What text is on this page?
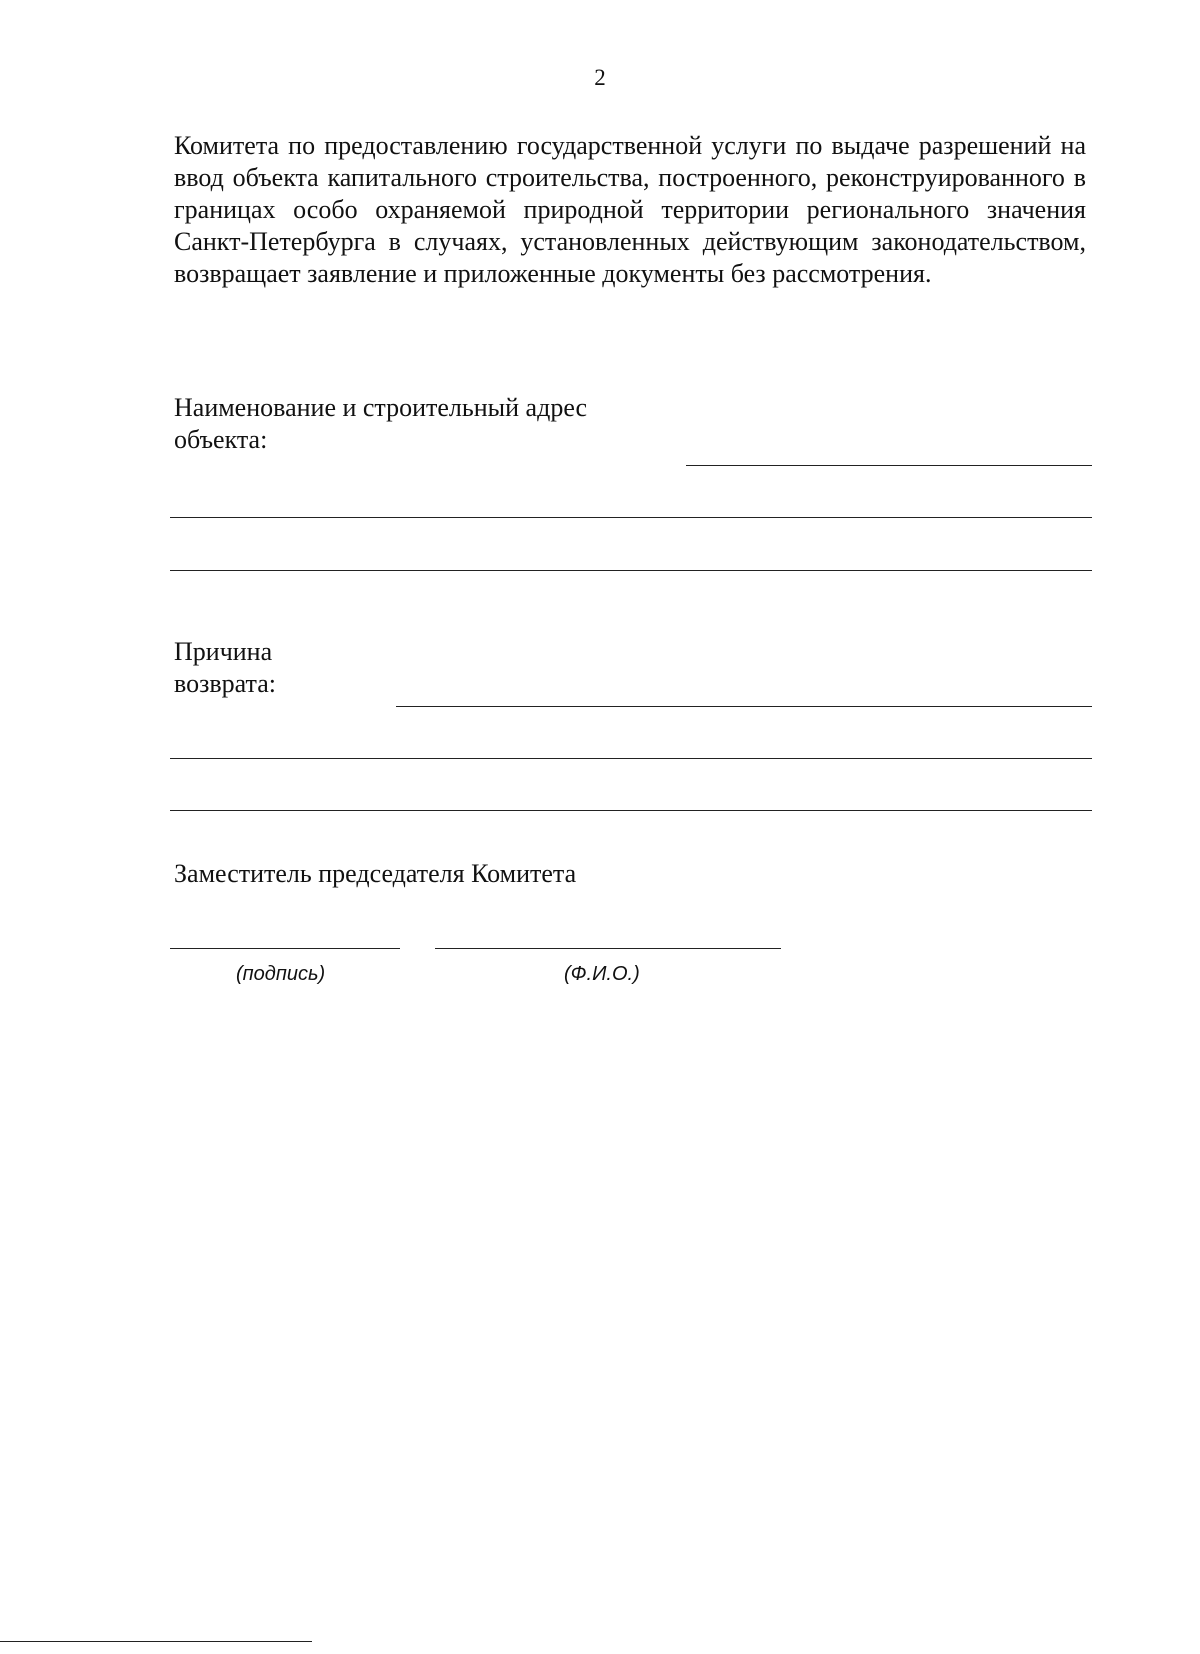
2

Комитета по предоставлению государственной услуги по выдаче разрешений на ввод объекта капитального строительства, построенного, реконструированного в границах особо охраняемой природной территории регионального значения Санкт-Петербурга в случаях, установленных действующим законодательством, возвращает заявление и приложенные документы без рассмотрения.

Наименование и строительный адрес
объекта:
Причина
возврата:
Заместитель председателя Комитета
(подпись)	(Ф.И.О.)
